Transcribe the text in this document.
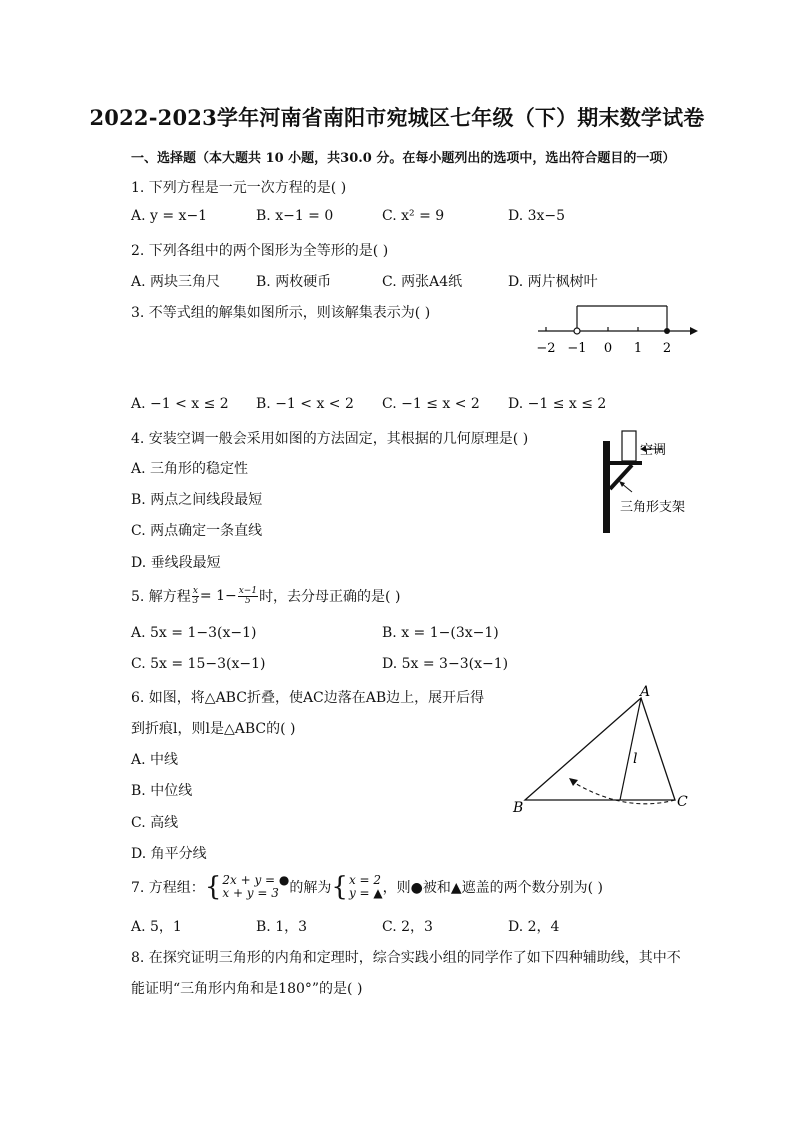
2022-2023学年河南省南阳市宛城区七年级（下）期末数学试卷
一、选择题（本大题共 10 小题，共30.0 分。在每小题列出的选项中，选出符合题目的一项）
1. 下列方程是一元一次方程的是( )
A. y = x−1	B. x−1 = 0	C. x² = 9	D. 3x−5
2. 下列各组中的两个图形为全等形的是( )
A. 两块三角尺	B. 两枚硬币	C. 两张A4纸	D. 两片枫树叶
3. 不等式组的解集如图所示，则该解集表示为( )
−2 −1 0 1 2
A. −1 < x ≤ 2 B. −1 < x < 2 C. −1 ≤ x < 2 D. −1 ≤ x ≤ 2
4. 安装空调一般会采用如图的方法固定，其根据的几何原理是( )
A. 三角形的稳定性
B. 两点之间线段最短
C. 两点确定一条直线
D. 垂线段最短
空调
三角形支架
5. 解方程 $\frac{x}{3} = 1- \frac{x-1}{5}$ 时，去分母正确的是( )
A. 5x = 1−3(x−1)	B. x = 1−(3x−1)
C. 5x = 15−3(x−1)	D. 5x = 3−3(x−1)
6. 如图，将△ABC折叠，使AC边落在AB边上，展开后得
到折痕l，则l是△ABC的( )
A. 中线
B. 中位线
C. 高线
D. 角平分线
A
B	C
l
7. 方程组： { 2x + y = ●
x + y = 3 的解为 { x = 2
y = ▲ ，则●被和▲遮盖的两个数分别为( )
A. 5，1	B. 1，3	C. 2，3	D. 2，4
8. 在探究证明三角形的内角和定理时，综合实践小组的同学作了如下四种辅助线，其中不
能证明“三角形内角和是180°”的是( )
